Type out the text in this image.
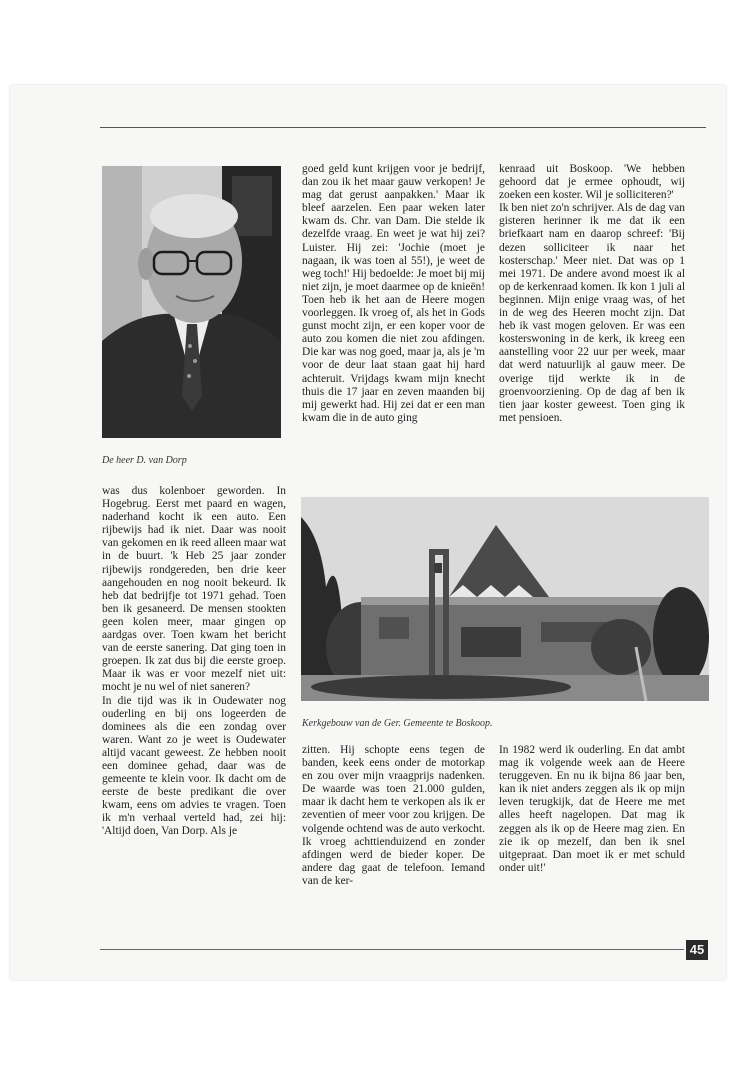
De heer D. van Dorp

goed geld kunt krijgen voor je bedrijf, dan zou ik het maar gauw verkopen! Je mag dat gerust aanpakken.' Maar ik bleef aarzelen. Een paar weken later kwam ds. Chr. van Dam. Die stelde ik dezelfde vraag. En weet je wat hij zei? Luister. Hij zei: 'Jochie (moet je nagaan, ik was toen al 55!), je weet de weg toch!' Hij bedoelde: Je moet bij mij niet zijn, je moet daarmee op de knieën! Toen heb ik het aan de Heere mogen voorleggen. Ik vroeg of, als het in Gods gunst mocht zijn, er een koper voor de auto zou komen die niet zou afdingen. Die kar was nog goed, maar ja, als je 'm voor de deur laat staan gaat hij hard achteruit. Vrijdags kwam mijn knecht thuis die 17 jaar en zeven maanden bij mij gewerkt had. Hij zei dat er een man kwam die in de auto ging

kenraad uit Boskoop. 'We hebben gehoord dat je ermee ophoudt, wij zoeken een koster. Wil je solliciteren?'

Ik ben niet zo'n schrijver. Als de dag van gisteren herinner ik me dat ik een briefkaart nam en daarop schreef: 'Bij dezen solliciteer ik naar het kosterschap.' Meer niet. Dat was op 1 mei 1971. De andere avond moest ik al op de kerkenraad komen. Ik kon 1 juli al beginnen. Mijn enige vraag was, of het in de weg des Heeren mocht zijn. Dat heb ik vast mogen geloven. Er was een kosterswoning in de kerk, ik kreeg een aanstelling voor 22 uur per week, maar dat werd natuurlijk al gauw meer. De overige tijd werkte ik in de groenvoorziening. Op de dag af ben ik tien jaar koster geweest. Toen ging ik met pensioen.

Kerkgebouw van de Ger. Gemeente te Boskoop.

was dus kolenboer geworden. In Hogebrug. Eerst met paard en wagen, naderhand kocht ik een auto. Een rijbewijs had ik niet. Daar was nooit van gekomen en ik reed alleen maar wat in de buurt. 'k Heb 25 jaar zonder rijbewijs rondgereden, ben drie keer aangehouden en nog nooit bekeurd. Ik heb dat bedrijfje tot 1971 gehad. Toen ben ik gesaneerd. De mensen stookten geen kolen meer, maar gingen op aardgas over. Toen kwam het bericht van de eerste sanering. Dat ging toen in groepen. Ik zat dus bij die eerste groep. Maar ik was er voor mezelf niet uit: mocht je nu wel of niet saneren?

In die tijd was ik in Oudewater nog ouderling en bij ons logeerden de dominees als die een zondag over waren. Want zo je weet is Oudewater altijd vacant geweest. Ze hebben nooit een dominee gehad, daar was de gemeente te klein voor. Ik dacht om de eerste de beste predikant die over kwam, eens om advies te vragen. Toen ik m'n verhaal verteld had, zei hij: 'Altijd doen, Van Dorp. Als je

zitten. Hij schopte eens tegen de banden, keek eens onder de motorkap en zou over mijn vraagprijs nadenken. De waarde was toen 21.000 gulden, maar ik dacht hem te verkopen als ik er zeventien of meer voor zou krijgen. De volgende ochtend was de auto verkocht. Ik vroeg achttienduizend en zonder afdingen werd de bieder koper. De andere dag gaat de telefoon. Iemand van de ker-

In 1982 werd ik ouderling. En dat ambt mag ik volgende week aan de Heere teruggeven. En nu ik bijna 86 jaar ben, kan ik niet anders zeggen als ik op mijn leven terugkijk, dat de Heere me met alles heeft nagelopen. Dat mag ik zeggen als ik op de Heere mag zien. En zie ik op mezelf, dan ben ik snel uitgepraat. Dan moet ik er met schuld onder uit!'

45
